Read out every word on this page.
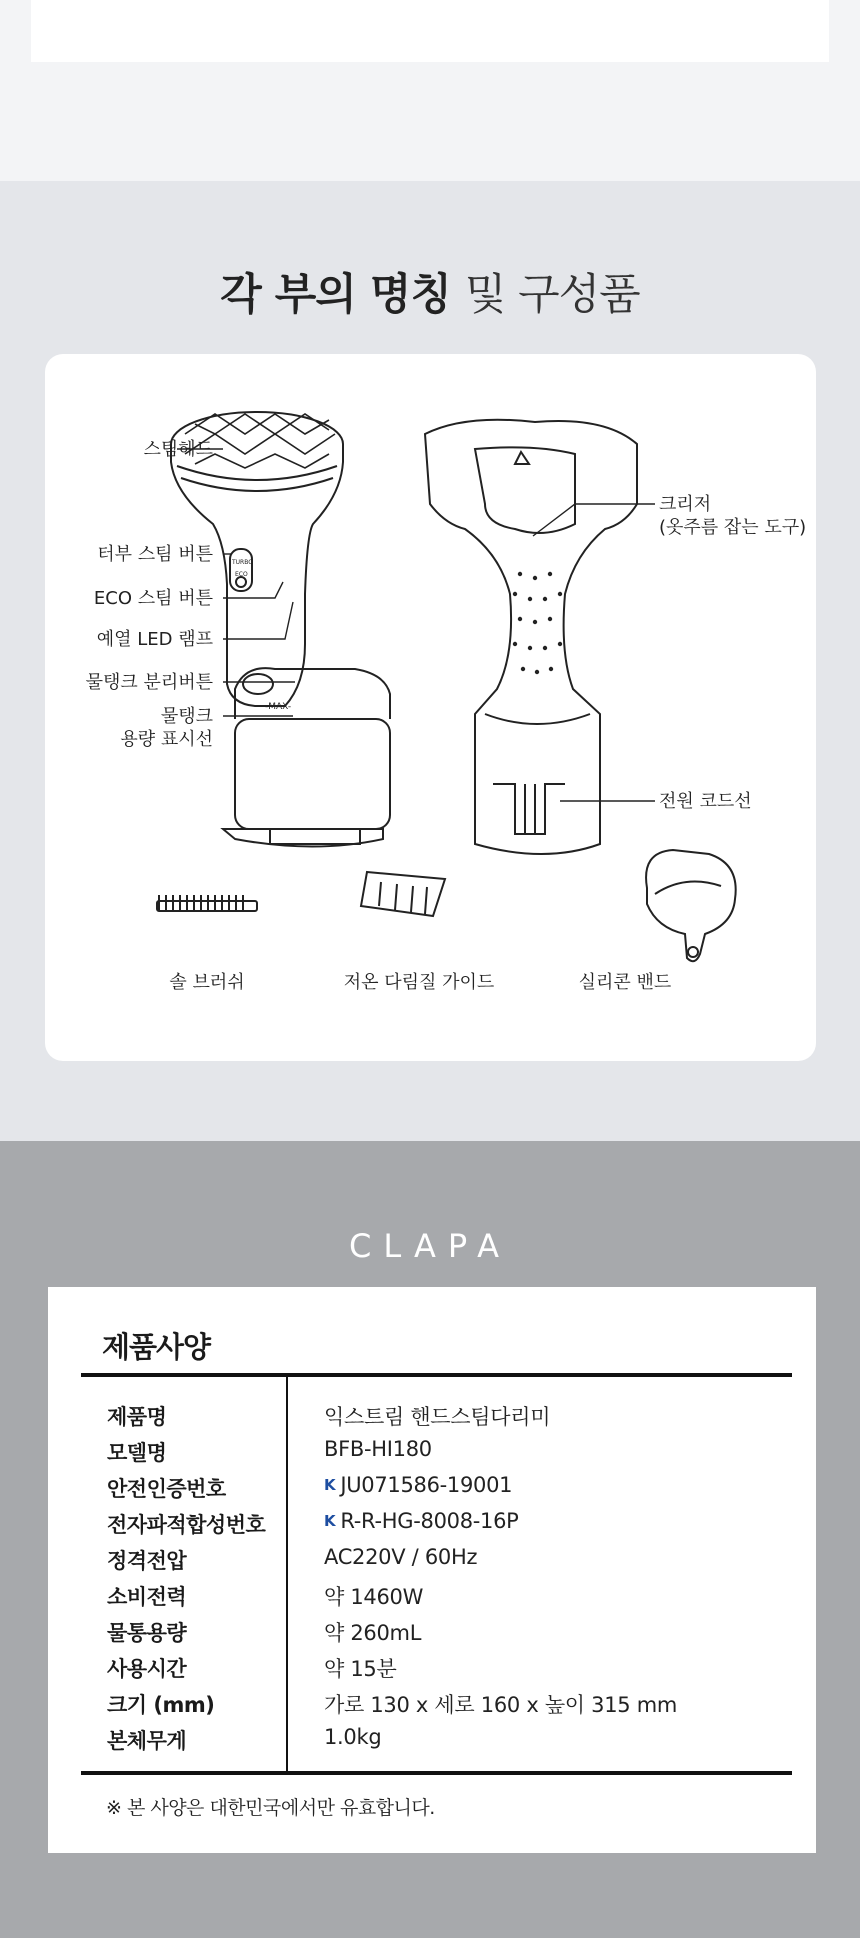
각 부의 명칭 및 구성품
-MAX-
TURBO
ECO
스팀헤드
터부 스팀 버튼
ECO 스팀 버튼
예열 LED 램프
물탱크 분리버튼
물탱크
용량 표시선
크리저
(옷주름 잡는 도구)
전원 코드선
솔 브러쉬	저온 다림질 가이드	실리콘 밴드
CLAPA
제품사양
제품명	익스트림 핸드스팀다리미
모델명	BFB-HI180
안전인증번호	K JU071586-19001
전자파적합성번호	K R-R-HG-8008-16P
정격전압	AC220V / 60Hz
소비전력	약 1460W
물통용량	약 260mL
사용시간	약 15분
크기 (mm)	가로 130 x 세로 160 x 높이 315 mm
본체무게	1.0kg

※ 본 사양은 대한민국에서만 유효합니다.
